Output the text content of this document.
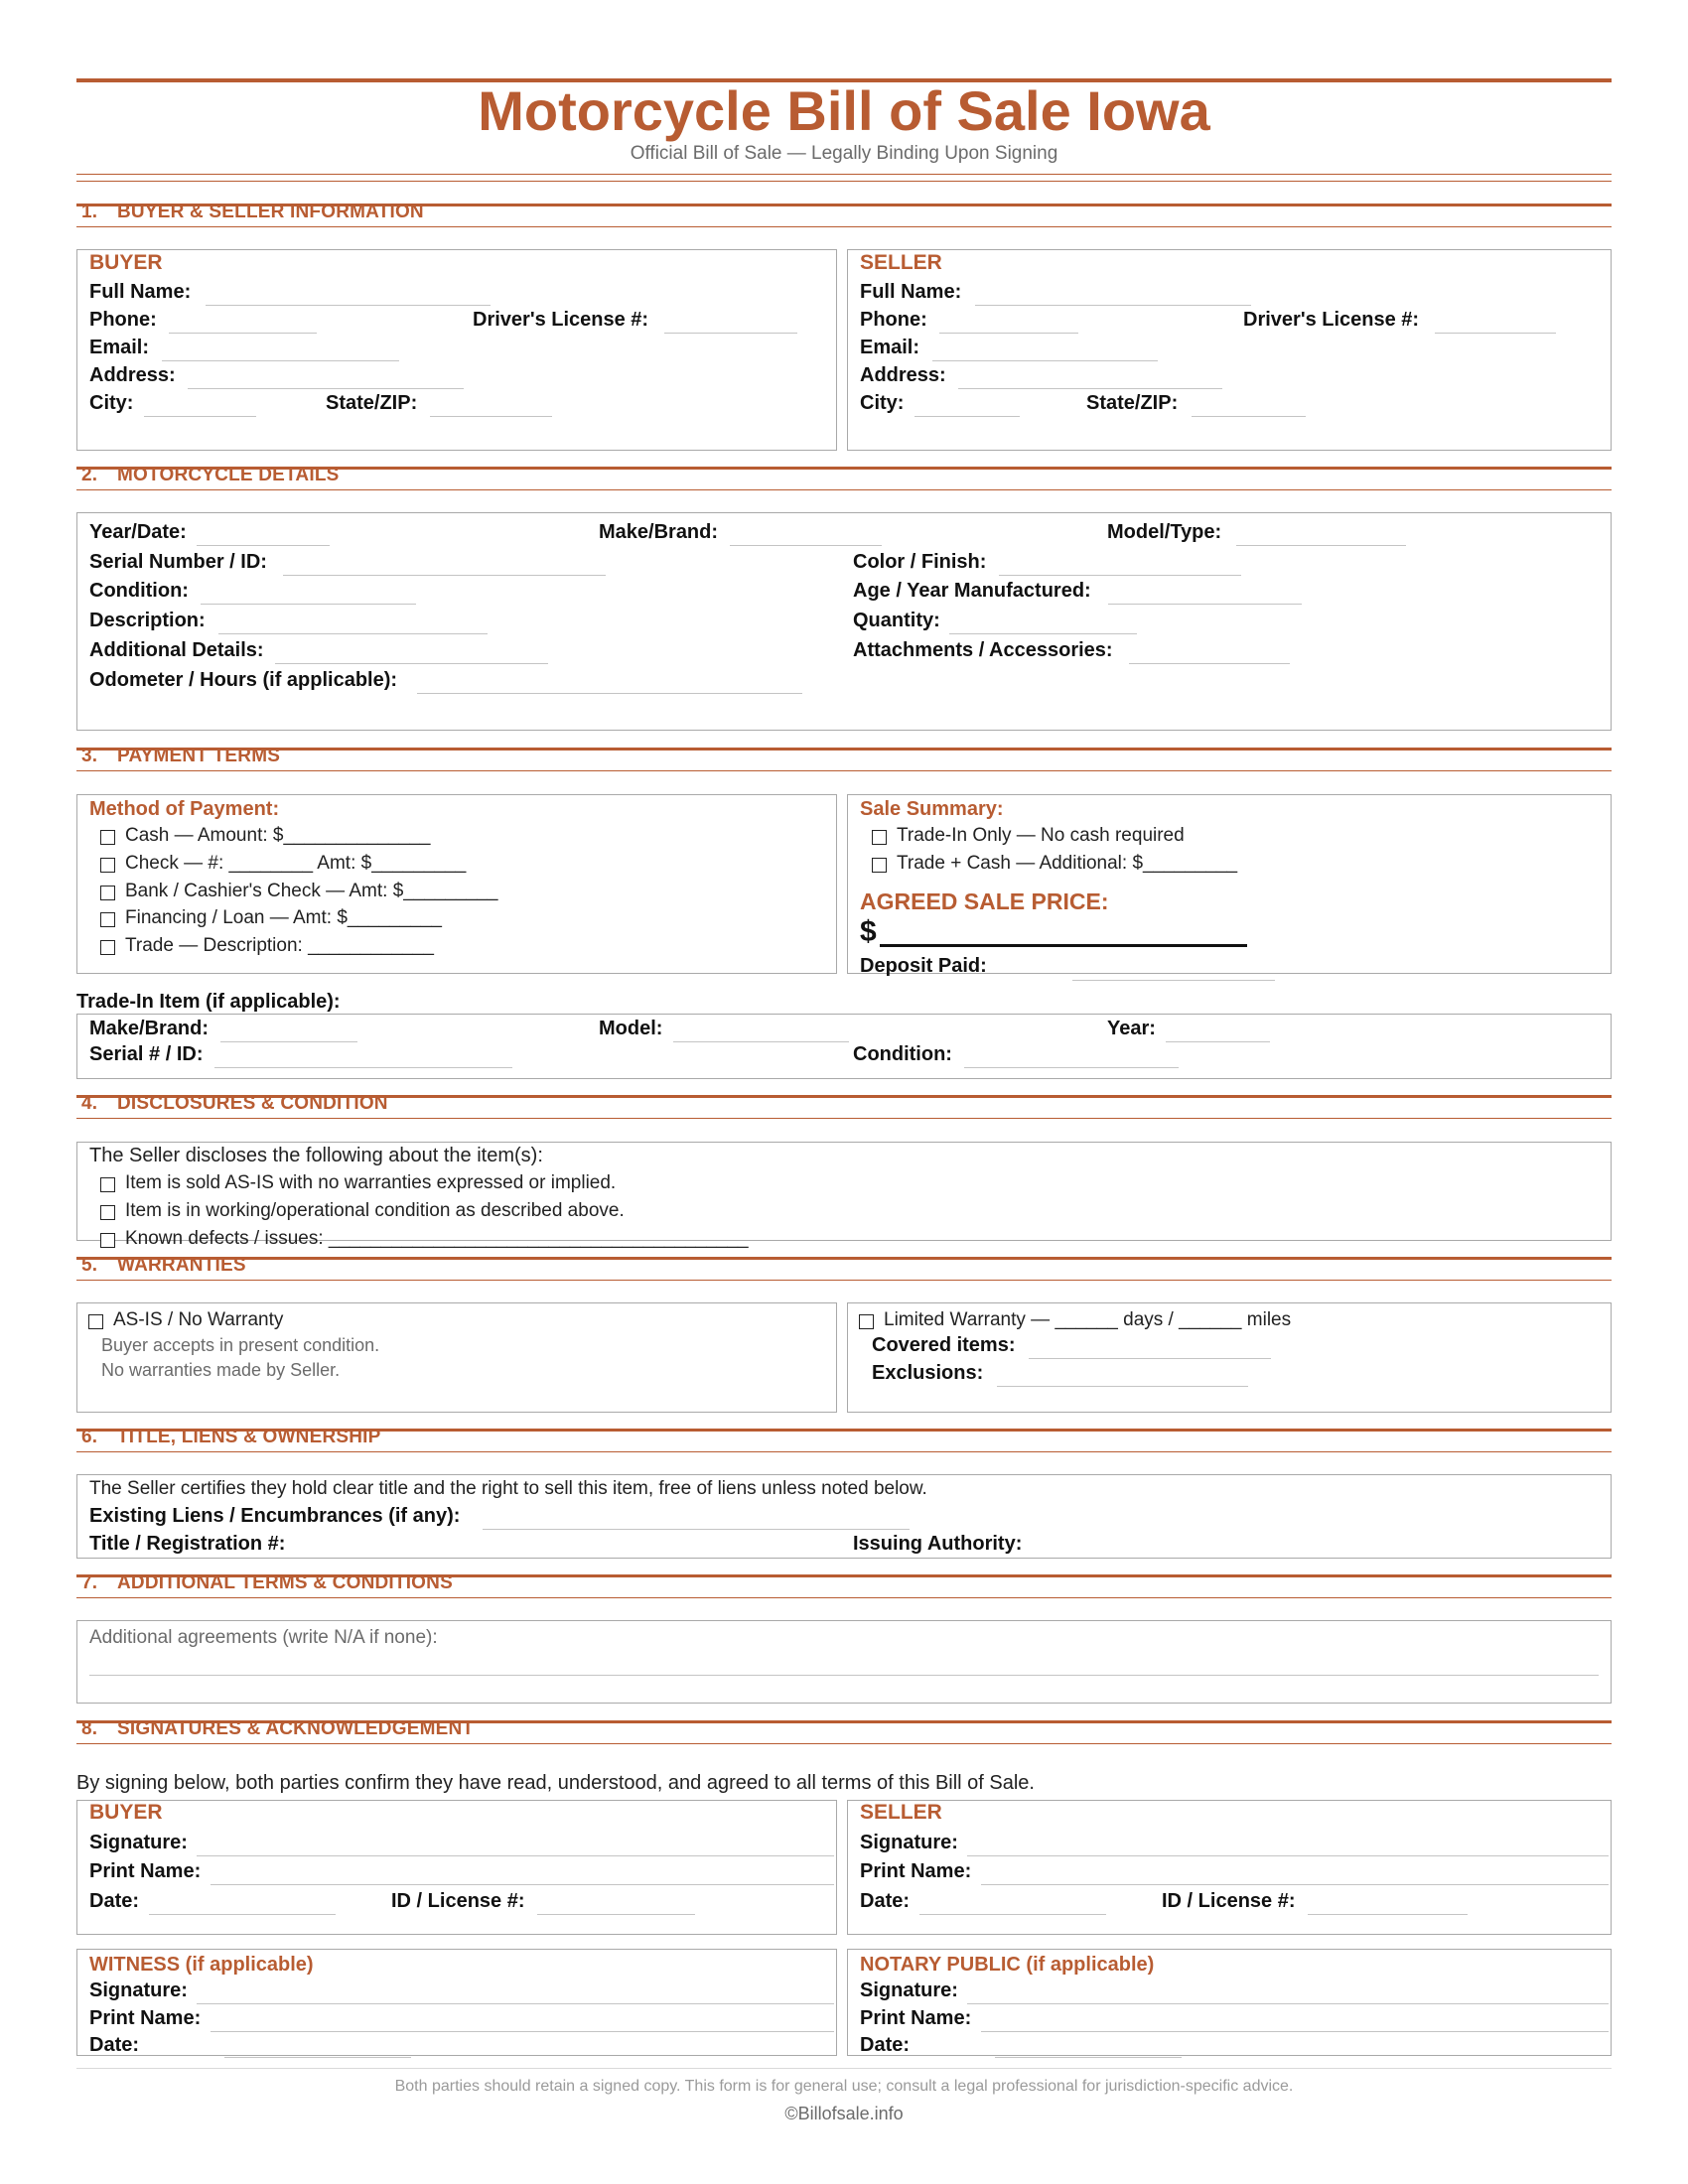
Motorcycle Bill of Sale Iowa
Official Bill of Sale — Legally Binding Upon Signing
1. BUYER & SELLER INFORMATION
BUYER
Full Name:
Phone:	Driver's License #:
Email:
Address:
City:	State/ZIP:
SELLER
Full Name:
Phone:	Driver's License #:
Email:
Address:
City:	State/ZIP:
2. MOTORCYCLE DETAILS
Year/Date:	Make/Brand:	Model/Type:
Serial Number / ID:	Color / Finish:
Condition:	Age / Year Manufactured:
Description:	Quantity:
Additional Details:	Attachments / Accessories:
Odometer / Hours (if applicable):
3. PAYMENT TERMS
Method of Payment:
Cash — Amount: $______________
Check — #: ________ Amt: $_________
Bank / Cashier's Check — Amt: $_________
Financing / Loan — Amt: $_________
Trade — Description: ____________
Sale Summary:
Trade-In Only — No cash required
Trade + Cash — Additional: $_________
AGREED SALE PRICE:
$
Deposit Paid:
Trade-In Item (if applicable):
Make/Brand:	Model:	Year:
Serial # / ID:	Condition:
4. DISCLOSURES & CONDITION
The Seller discloses the following about the item(s):
Item is sold AS-IS with no warranties expressed or implied.
Item is in working/operational condition as described above.
Known defects / issues: ________________________________________
5. WARRANTIES
AS-IS / No Warranty
Buyer accepts in present condition.
No warranties made by Seller.
Limited Warranty — ______ days / ______ miles
Covered items:
Exclusions:
6. TITLE, LIENS & OWNERSHIP
The Seller certifies they hold clear title and the right to sell this item, free of liens unless noted below.
Existing Liens / Encumbrances (if any):
Title / Registration #:	Issuing Authority:
7. ADDITIONAL TERMS & CONDITIONS
Additional agreements (write N/A if none):
8. SIGNATURES & ACKNOWLEDGEMENT
By signing below, both parties confirm they have read, understood, and agreed to all terms of this Bill of Sale.
BUYER
Signature:
Print Name:
Date:	ID / License #:
SELLER
Signature:
Print Name:
Date:	ID / License #:
WITNESS (if applicable)
Signature:
Print Name:
Date:
NOTARY PUBLIC (if applicable)
Signature:
Print Name:
Date:
Both parties should retain a signed copy. This form is for general use; consult a legal professional for jurisdiction-specific advice.
©Billofsale.info
